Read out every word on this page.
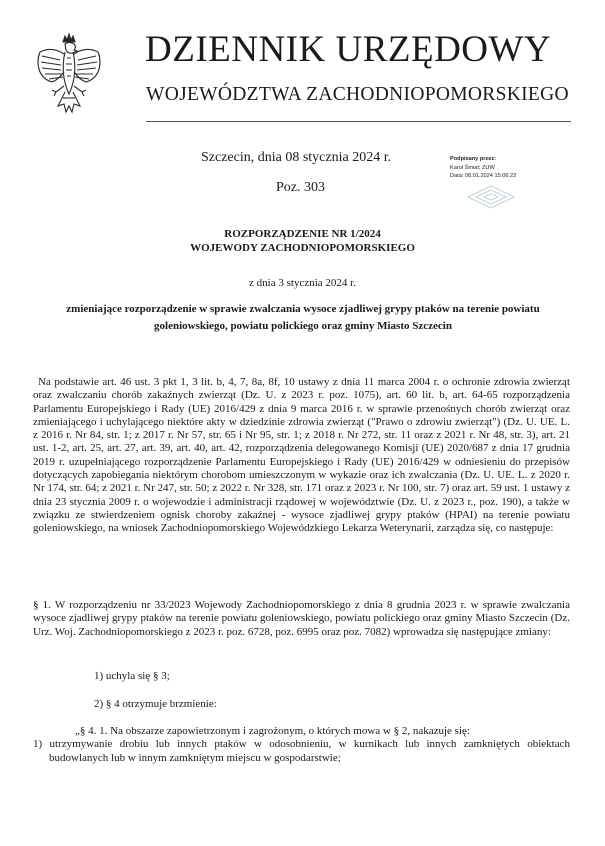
DZIENNIK URZĘDOWY
WOJEWÓDZTWA ZACHODNIOPOMORSKIEGO
Szczecin, dnia 08 stycznia 2024 r.
Poz. 303
Podpisany przez:
Karol Śmiat; ZUW
Data: 08.01.2024 15:06:22
ROZPORZĄDZENIE NR 1/2024
WOJEWODY ZACHODNIOPOMORSKIEGO
z dnia 3 stycznia 2024 r.
zmieniające rozporządzenie w sprawie zwalczania wysoce zjadliwej grypy ptaków na terenie powiatu goleniowskiego, powiatu polickiego oraz gminy Miasto Szczecin
Na podstawie art. 46 ust. 3 pkt 1, 3 lit. b, 4, 7, 8a, 8f, 10 ustawy z dnia 11 marca 2004 r. o ochronie zdrowia zwierząt oraz zwalczaniu chorób zakaźnych zwierząt (Dz. U. z 2023 r. poz. 1075), art. 60 lit. b, art. 64-65 rozporządzenia Parlamentu Europejskiego i Rady (UE) 2016/429 z dnia 9 marca 2016 r. w sprawie przenośnych chorób zwierząt oraz zmieniającego i uchylającego niektóre akty w dziedzinie zdrowia zwierząt ("Prawo o zdrowiu zwierząt") (Dz. U. UE. L. z 2016 r. Nr 84, str. 1; z 2017 r. Nr 57, str. 65 i Nr 95, str. 1; z 2018 r. Nr 272, str. 11 oraz z 2021 r. Nr 48, str. 3), art. 21 ust. 1-2, art. 25, art. 27, art. 39, art. 40, art. 42, rozporządzenia delegowanego Komisji (UE) 2020/687 z dnia 17 grudnia 2019 r. uzupełniającego rozporządzenie Parlamentu Europejskiego i Rady (UE) 2016/429 w odniesieniu do przepisów dotyczących zapobiegania niektórym chorobom umieszczonym w wykazie oraz ich zwalczania (Dz. U. UE. L. z 2020 r. Nr 174, str. 64; z 2021 r. Nr 247, str. 50; z 2022 r. Nr 328, str. 171 oraz z 2023 r. Nr 100, str. 7) oraz art. 59 ust. 1 ustawy z dnia 23 stycznia 2009 r. o wojewodzie i administracji rządowej w województwie (Dz. U. z 2023 r., poz. 190), a także w związku ze stwierdzeniem ognisk choroby zakaźnej - wysoce zjadliwej grypy ptaków (HPAI) na terenie powiatu goleniowskiego, na wniosek Zachodniopomorskiego Wojewódzkiego Lekarza Weterynarii, zarządza się, co następuje:
§ 1. W rozporządzeniu nr 33/2023 Wojewody Zachodniopomorskiego z dnia 8 grudnia 2023 r. w sprawie zwalczania wysoce zjadliwej grypy ptaków na terenie powiatu goleniowskiego, powiatu polickiego oraz gminy Miasto Szczecin (Dz. Urz. Woj. Zachodniopomorskiego z 2023 r. poz. 6728, poz. 6995 oraz poz. 7082) wprowadza się następujące zmiany:
1) uchyla się § 3;
2) § 4 otrzymuje brzmienie:
„§ 4. 1. Na obszarze zapowietrzonym i zagrożonym, o których mowa w § 2, nakazuje się:
1) utrzymywanie drobiu lub innych ptaków w odosobnieniu, w kurnikach lub innych zamkniętych obiektach budowlanych lub w innym zamkniętym miejscu w gospodarstwie;
